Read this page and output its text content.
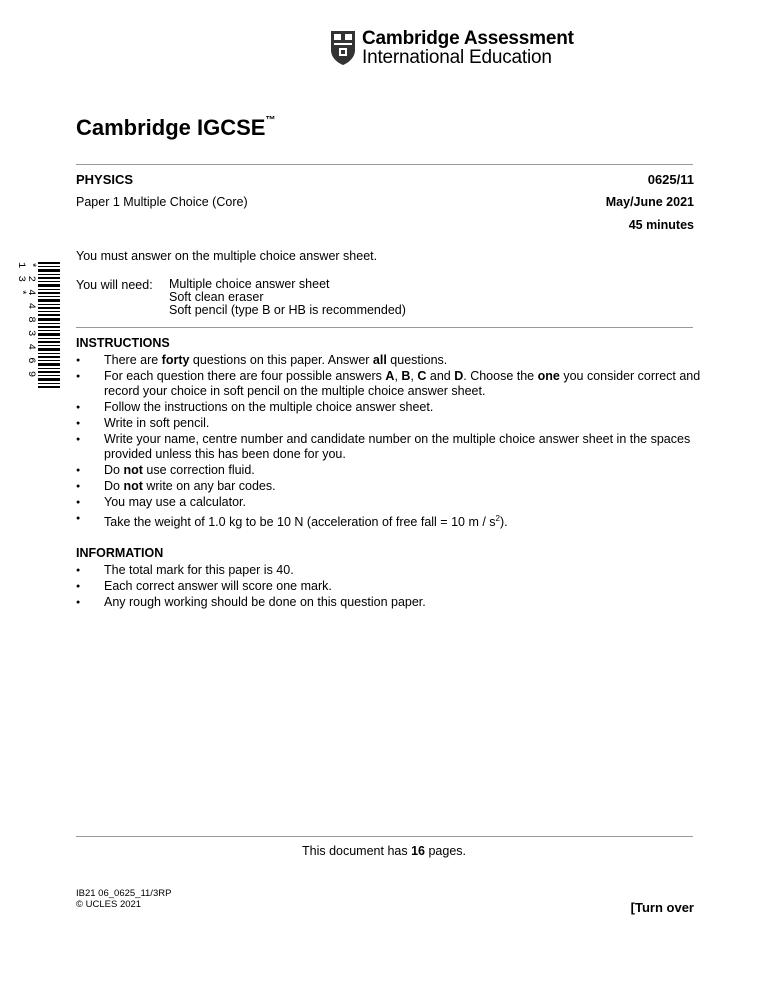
Cambridge Assessment
International Education
Cambridge IGCSE™
PHYSICS	0625/11
Paper 1 Multiple Choice (Core)	May/June 2021
45 minutes
You must answer on the multiple choice answer sheet.
* 2 4 4 8 3 4 6 9 1 3 *	You will need: Multiple choice answer sheet
Soft clean eraser
Soft pencil (type B or HB is recommended)
INSTRUCTIONS
● There are forty questions on this paper. Answer all questions.
● For each question there are four possible answers A, B, C and D. Choose the one you consider correct and record your choice in soft pencil on the multiple choice answer sheet.
● Follow the instructions on the multiple choice answer sheet.
● Write in soft pencil.
● Write your name, centre number and candidate number on the multiple choice answer sheet in the spaces provided unless this has been done for you.
● Do not use correction fluid.
● Do not write on any bar codes.
● You may use a calculator.
● Take the weight of 1.0 kg to be 10 N (acceleration of free fall = 10 m / $s^2$).
INFORMATION
● The total mark for this paper is 40.
● Each correct answer will score one mark.
● Any rough working should be done on this question paper.
This document has 16 pages.
IB21 06_0625_11/3RP
© UCLES 2021	[Turn over
